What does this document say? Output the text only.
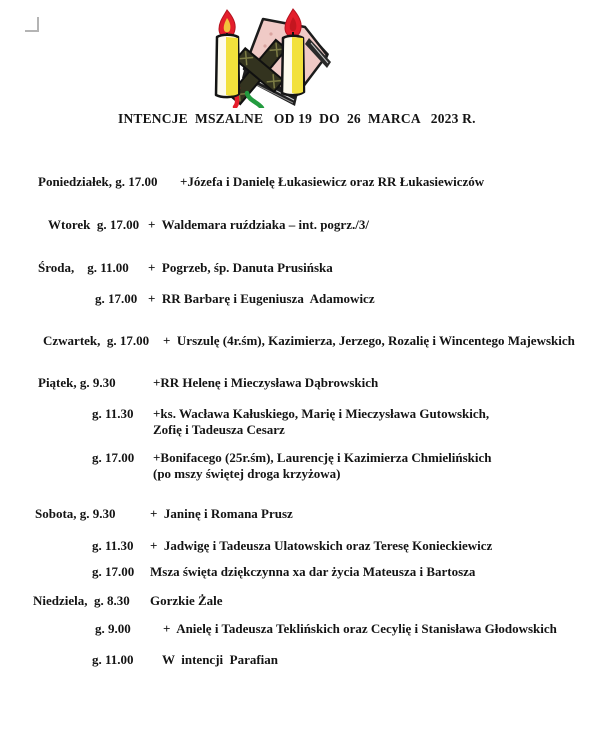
INTENCJE  MSZALNE   OD 19  DO  26  MARCA   2023 R.
Poniedziałek, g. 17.00 +Józefa i Danielę Łukasiewicz oraz RR Łukasiewiczów
Wtorek  g. 17.00 +  Waldemara ruździaka – int. pogrz./3/
Środa,    g. 11.00 +  Pogrzeb, śp. Danuta Prusińska
g. 17.00 +  RR Barbarę i Eugeniusza  Adamowicz
Czwartek,  g. 17.00 +  Urszulę (4r.śm), Kazimierza, Jerzego, Rozalię i Wincentego Majewskich
Piątek, g. 9.30	+RR Helenę i Mieczysława Dąbrowskich
g. 11.30 +ks. Wacława Kałuskiego, Marię i Mieczysława Gutowskich,
Zofię i Tadeusza Cesarz
g. 17.00 +Bonifacego (25r.śm), Laurencję i Kazimierza Chmielińskich
(po mszy świętej droga krzyżowa)
Sobota, g. 9.30	+  Janinę i Romana Prusz
g. 11.30 +  Jadwigę i Tadeusza Ulatowskich oraz Teresę Konieckiewicz
g. 17.00 Msza święta dziękczynna xa dar życia Mateusza i Bartosza
Niedziela,  g. 8.30 Gorzkie Żale
g. 9.00 +  Anielę i Tadeusza Teklińskich oraz Cecylię i Stanisława Głodowskich
g. 11.00 W  intencji  Parafian
